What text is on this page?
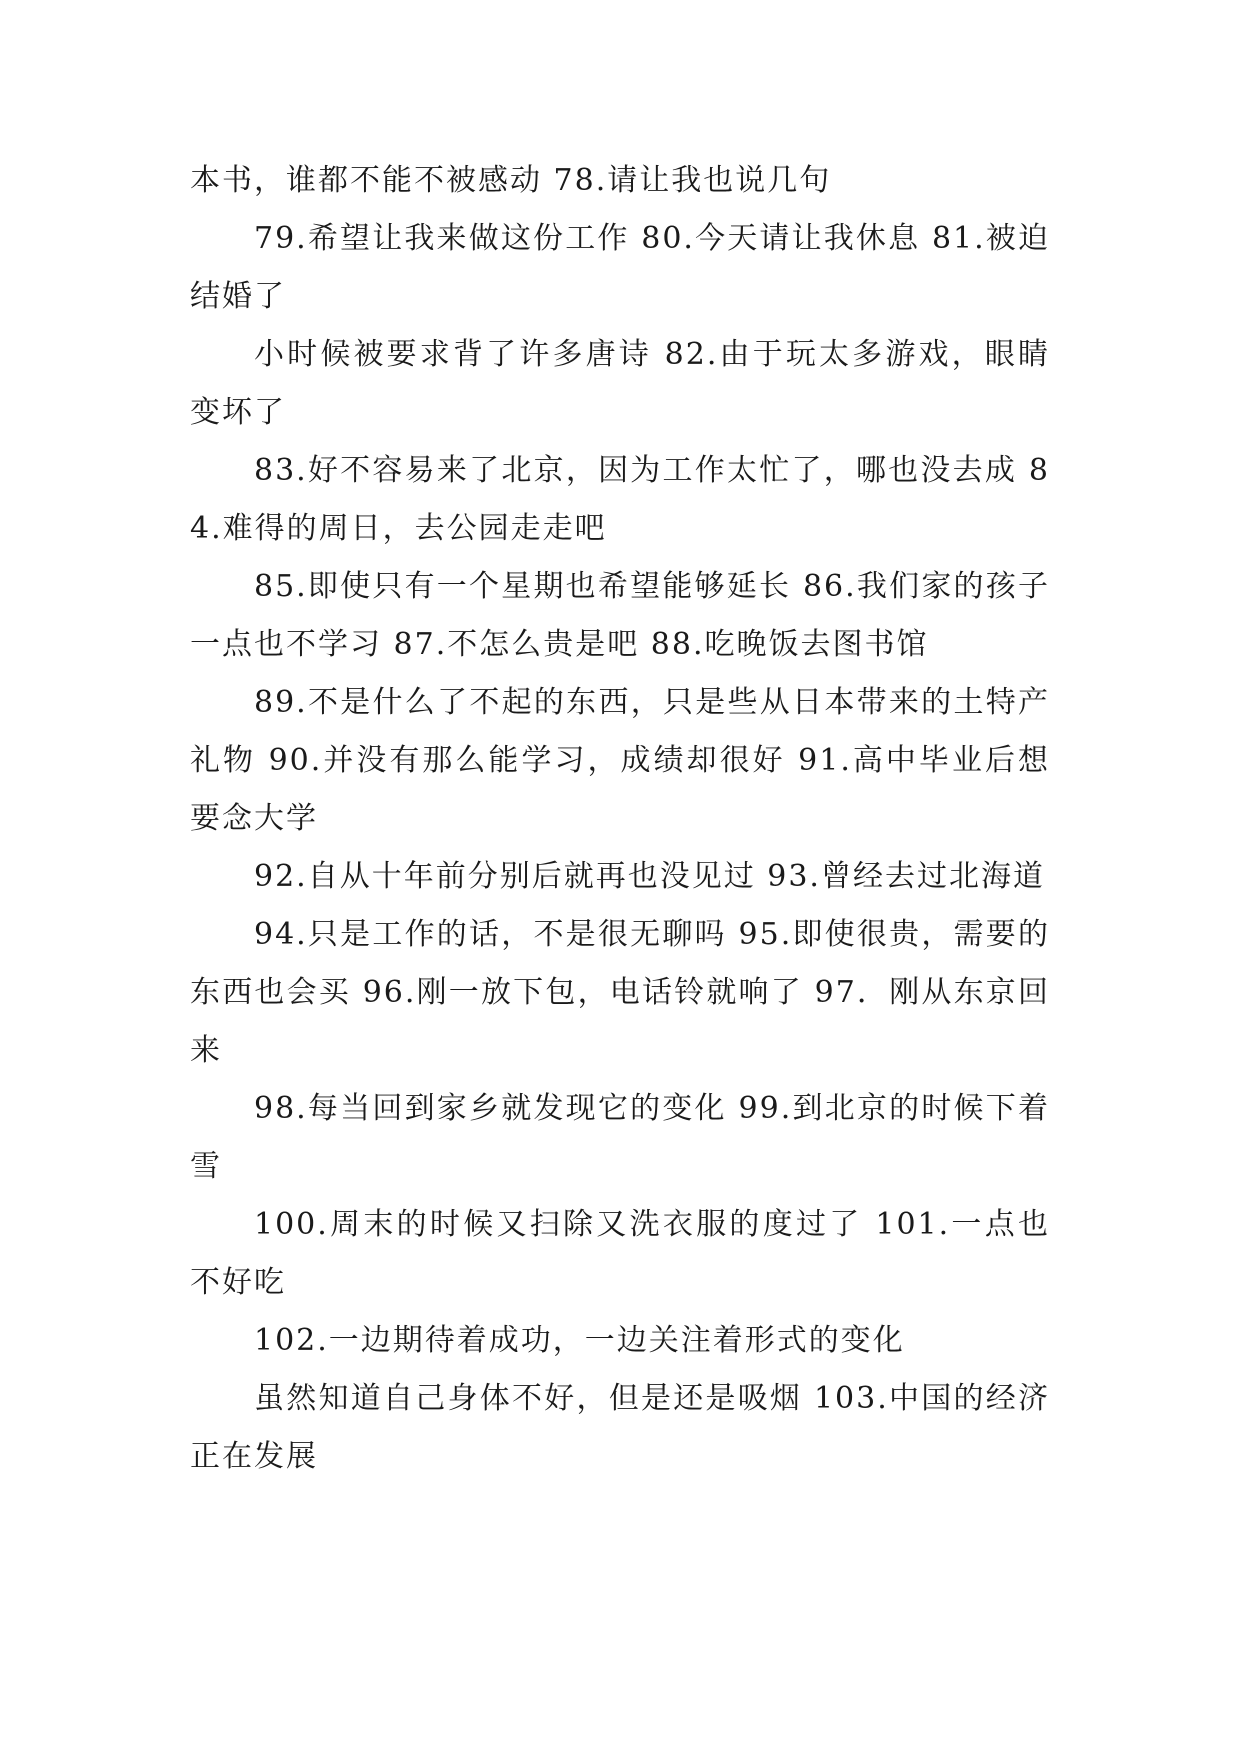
本书，谁都不能不被感动 78.请让我也说几句

79.希望让我来做这份工作 80.今天请让我休息 81.被迫结婚了

小时候被要求背了许多唐诗 82.由于玩太多游戏，眼睛变坏了

83.好不容易来了北京，因为工作太忙了，哪也没去成 84.难得的周日，去公园走走吧

85.即使只有一个星期也希望能够延长 86.我们家的孩子一点也不学习 87.不怎么贵是吧 88.吃晚饭去图书馆

89.不是什么了不起的东西，只是些从日本带来的土特产礼物 90.并没有那么能学习，成绩却很好 91.高中毕业后想要念大学

92.自从十年前分别后就再也没见过 93.曾经去过北海道

94.只是工作的话，不是很无聊吗 95.即使很贵，需要的东西也会买 96.刚一放下包，电话铃就响了 97．刚从东京回来

98.每当回到家乡就发现它的变化 99.到北京的时候下着雪

100.周末的时候又扫除又洗衣服的度过了 101.一点也不好吃

102.一边期待着成功，一边关注着形式的变化

虽然知道自己身体不好，但是还是吸烟 103.中国的经济正在发展
